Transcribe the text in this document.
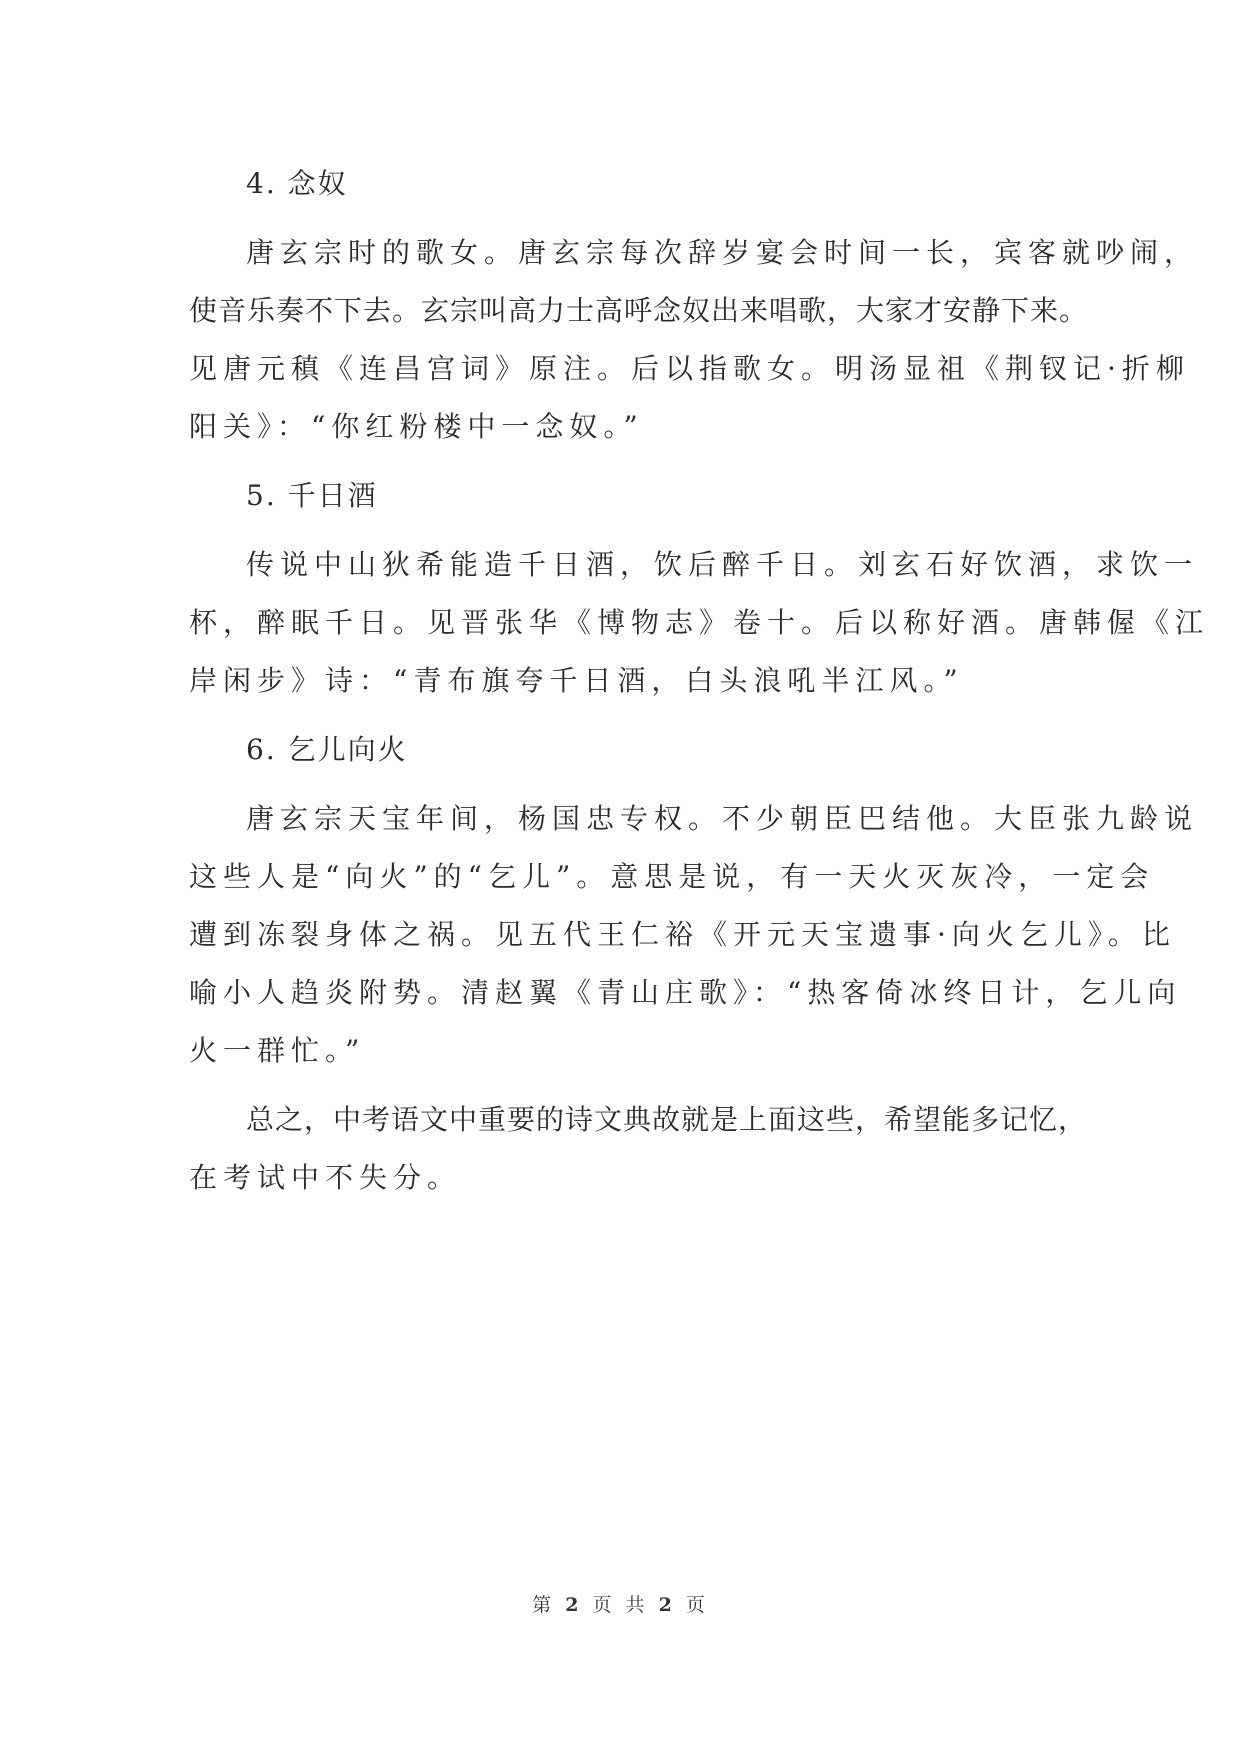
4. 念奴
唐玄宗时的歌女。唐玄宗每次辞岁宴会时间一长，宾客就吵闹，
使音乐奏不下去。玄宗叫高力士高呼念奴出来唱歌，大家才安静下来。
见唐元稹《连昌宫词》原注。后以指歌女。明汤显祖《荆钗记·折柳
阳关》：“你红粉楼中一念奴。”
5. 千日酒
传说中山狄希能造千日酒，饮后醉千日。刘玄石好饮酒，求饮一
杯，醉眠千日。见晋张华《博物志》卷十。后以称好酒。唐韩偓《江
岸闲步》诗：“青布旗夸千日酒，白头浪吼半江风。”
6. 乞儿向火
唐玄宗天宝年间，杨国忠专权。不少朝臣巴结他。大臣张九龄说
这些人是“向火”的“乞儿”。意思是说，有一天火灭灰冷，一定会
遭到冻裂身体之祸。见五代王仁裕《开元天宝遗事·向火乞儿》。比
喻小人趋炎附势。清赵翼《青山庄歌》：“热客倚冰终日计，乞儿向
火一群忙。”
总之，中考语文中重要的诗文典故就是上面这些，希望能多记忆，
在考试中不失分。
第 2 页 共 2 页
